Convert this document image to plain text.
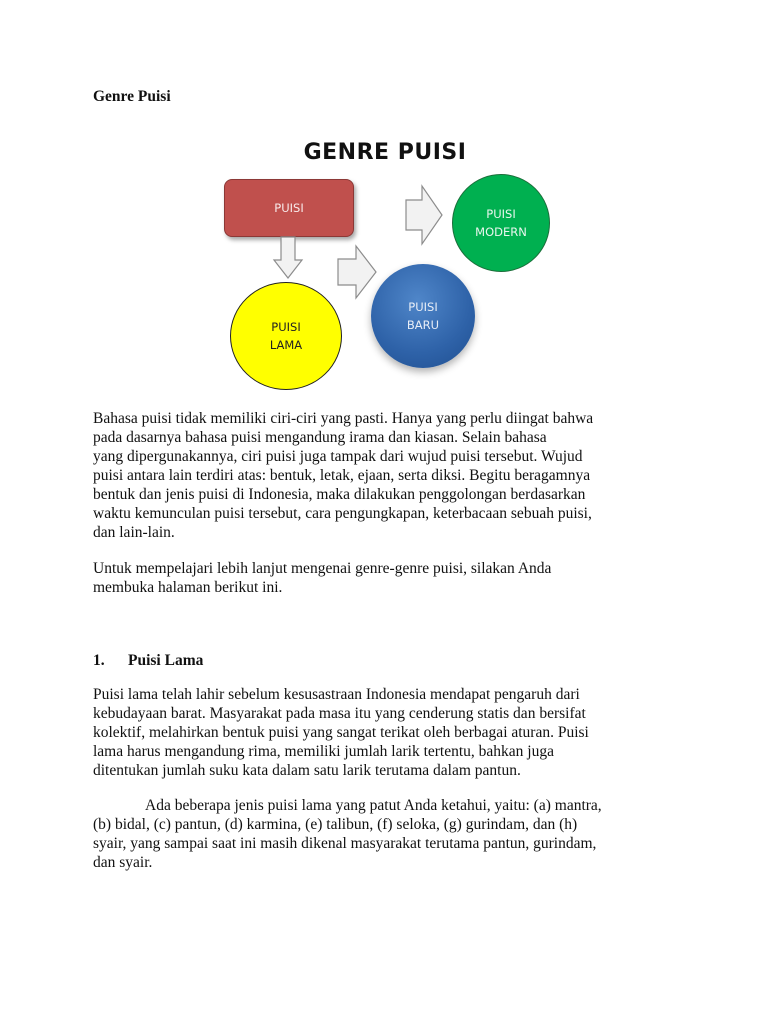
Genre Puisi

GENRE PUISI
PUISI
PUISI
LAMA
PUISI
BARU
PUISI
MODERN

Bahasa puisi tidak memiliki ciri-ciri yang pasti. Hanya yang perlu diingat bahwa

pada dasarnya bahasa puisi mengandung irama dan kiasan. Selain bahasa

yang dipergunakannya, ciri puisi juga tampak dari wujud puisi tersebut. Wujud

puisi antara lain terdiri atas: bentuk, letak, ejaan, serta diksi. Begitu beragamnya

bentuk dan jenis puisi di Indonesia, maka dilakukan penggolongan berdasarkan

waktu kemunculan puisi tersebut, cara pengungkapan, keterbacaan sebuah puisi,

dan lain-lain.

Untuk mempelajari lebih lanjut mengenai genre-genre puisi, silakan Anda

membuka halaman berikut ini.

1. Puisi Lama

Puisi lama telah lahir sebelum kesusastraan Indonesia mendapat pengaruh dari

kebudayaan barat. Masyarakat pada masa itu yang cenderung statis dan bersifat

kolektif, melahirkan bentuk puisi yang sangat terikat oleh berbagai aturan. Puisi

lama harus mengandung rima, memiliki jumlah larik tertentu, bahkan juga

ditentukan jumlah suku kata dalam satu larik terutama dalam pantun.

Ada beberapa jenis puisi lama yang patut Anda ketahui, yaitu: (a) mantra,

(b) bidal, (c) pantun, (d) karmina, (e) talibun, (f) seloka, (g) gurindam, dan (h)

syair, yang sampai saat ini masih dikenal masyarakat terutama pantun, gurindam,

dan syair.
